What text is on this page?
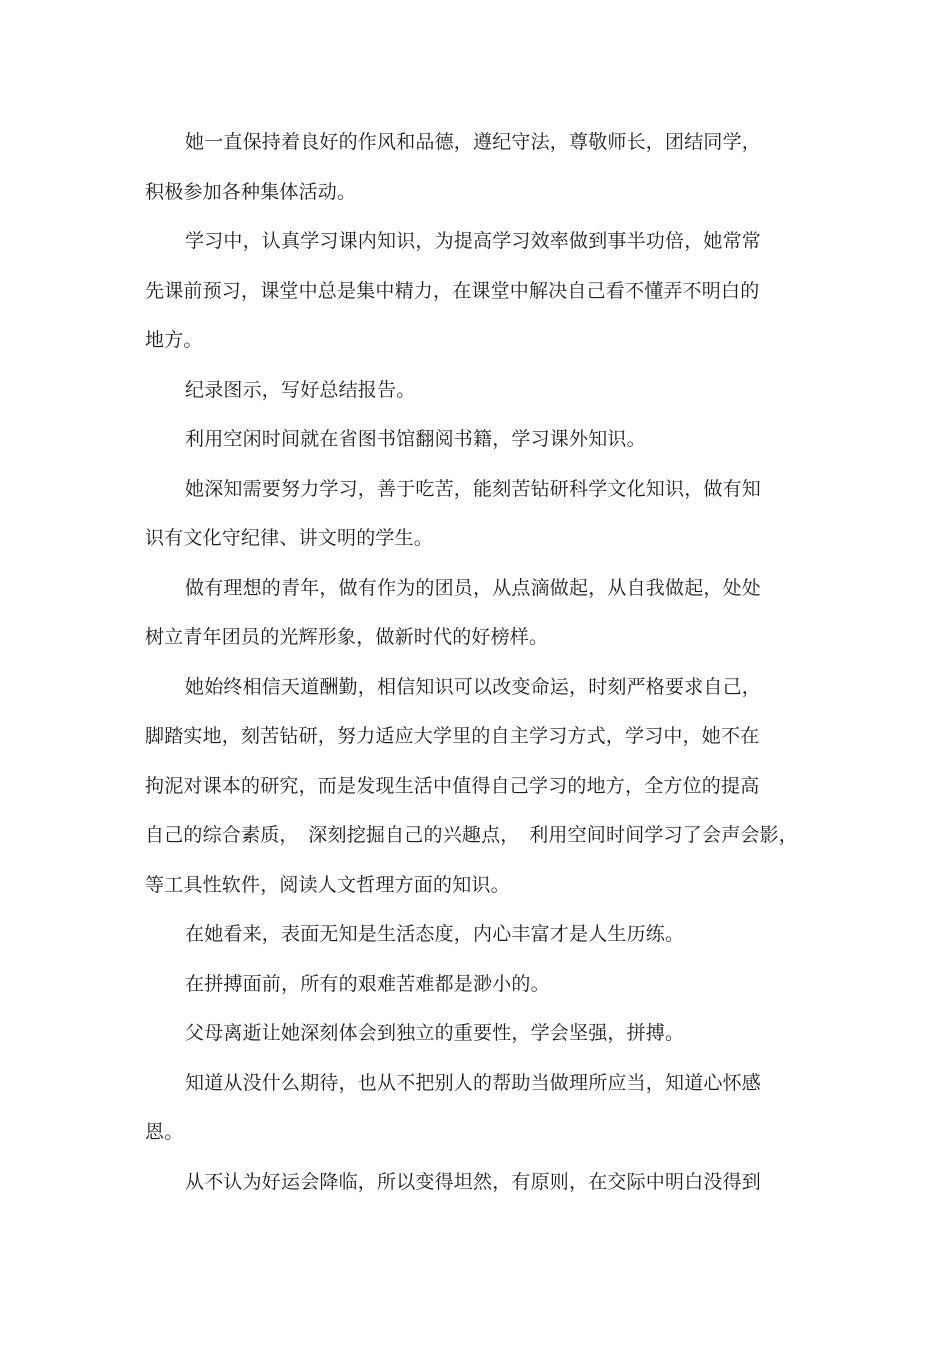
她一直保持着良好的作风和品德，遵纪守法，尊敬师长，团结同学，
积极参加各种集体活动。
学习中，认真学习课内知识，为提高学习效率做到事半功倍，她常常
先课前预习，课堂中总是集中精力，在课堂中解决自己看不懂弄不明白的
地方。
纪录图示，写好总结报告。
利用空闲时间就在省图书馆翻阅书籍，学习课外知识。
她深知需要努力学习，善于吃苦，能刻苦钻研科学文化知识，做有知
识有文化守纪律、讲文明的学生。
做有理想的青年，做有作为的团员，从点滴做起，从自我做起，处处
树立青年团员的光辉形象，做新时代的好榜样。
她始终相信天道酬勤，相信知识可以改变命运，时刻严格要求自己，
脚踏实地，刻苦钻研，努力适应大学里的自主学习方式，学习中，她不在
拘泥对课本的研究，而是发现生活中值得自己学习的地方，全方位的提高
自己的综合素质，　深刻挖掘自己的兴趣点，　利用空间时间学习了会声会影，
等工具性软件，阅读人文哲理方面的知识。
在她看来，表面无知是生活态度，内心丰富才是人生历练。
在拼搏面前，所有的艰难苦难都是渺小的。
父母离逝让她深刻体会到独立的重要性，学会坚强，拼搏。
知道从没什么期待，也从不把别人的帮助当做理所应当，知道心怀感
恩。
从不认为好运会降临，所以变得坦然，有原则，在交际中明白没得到
